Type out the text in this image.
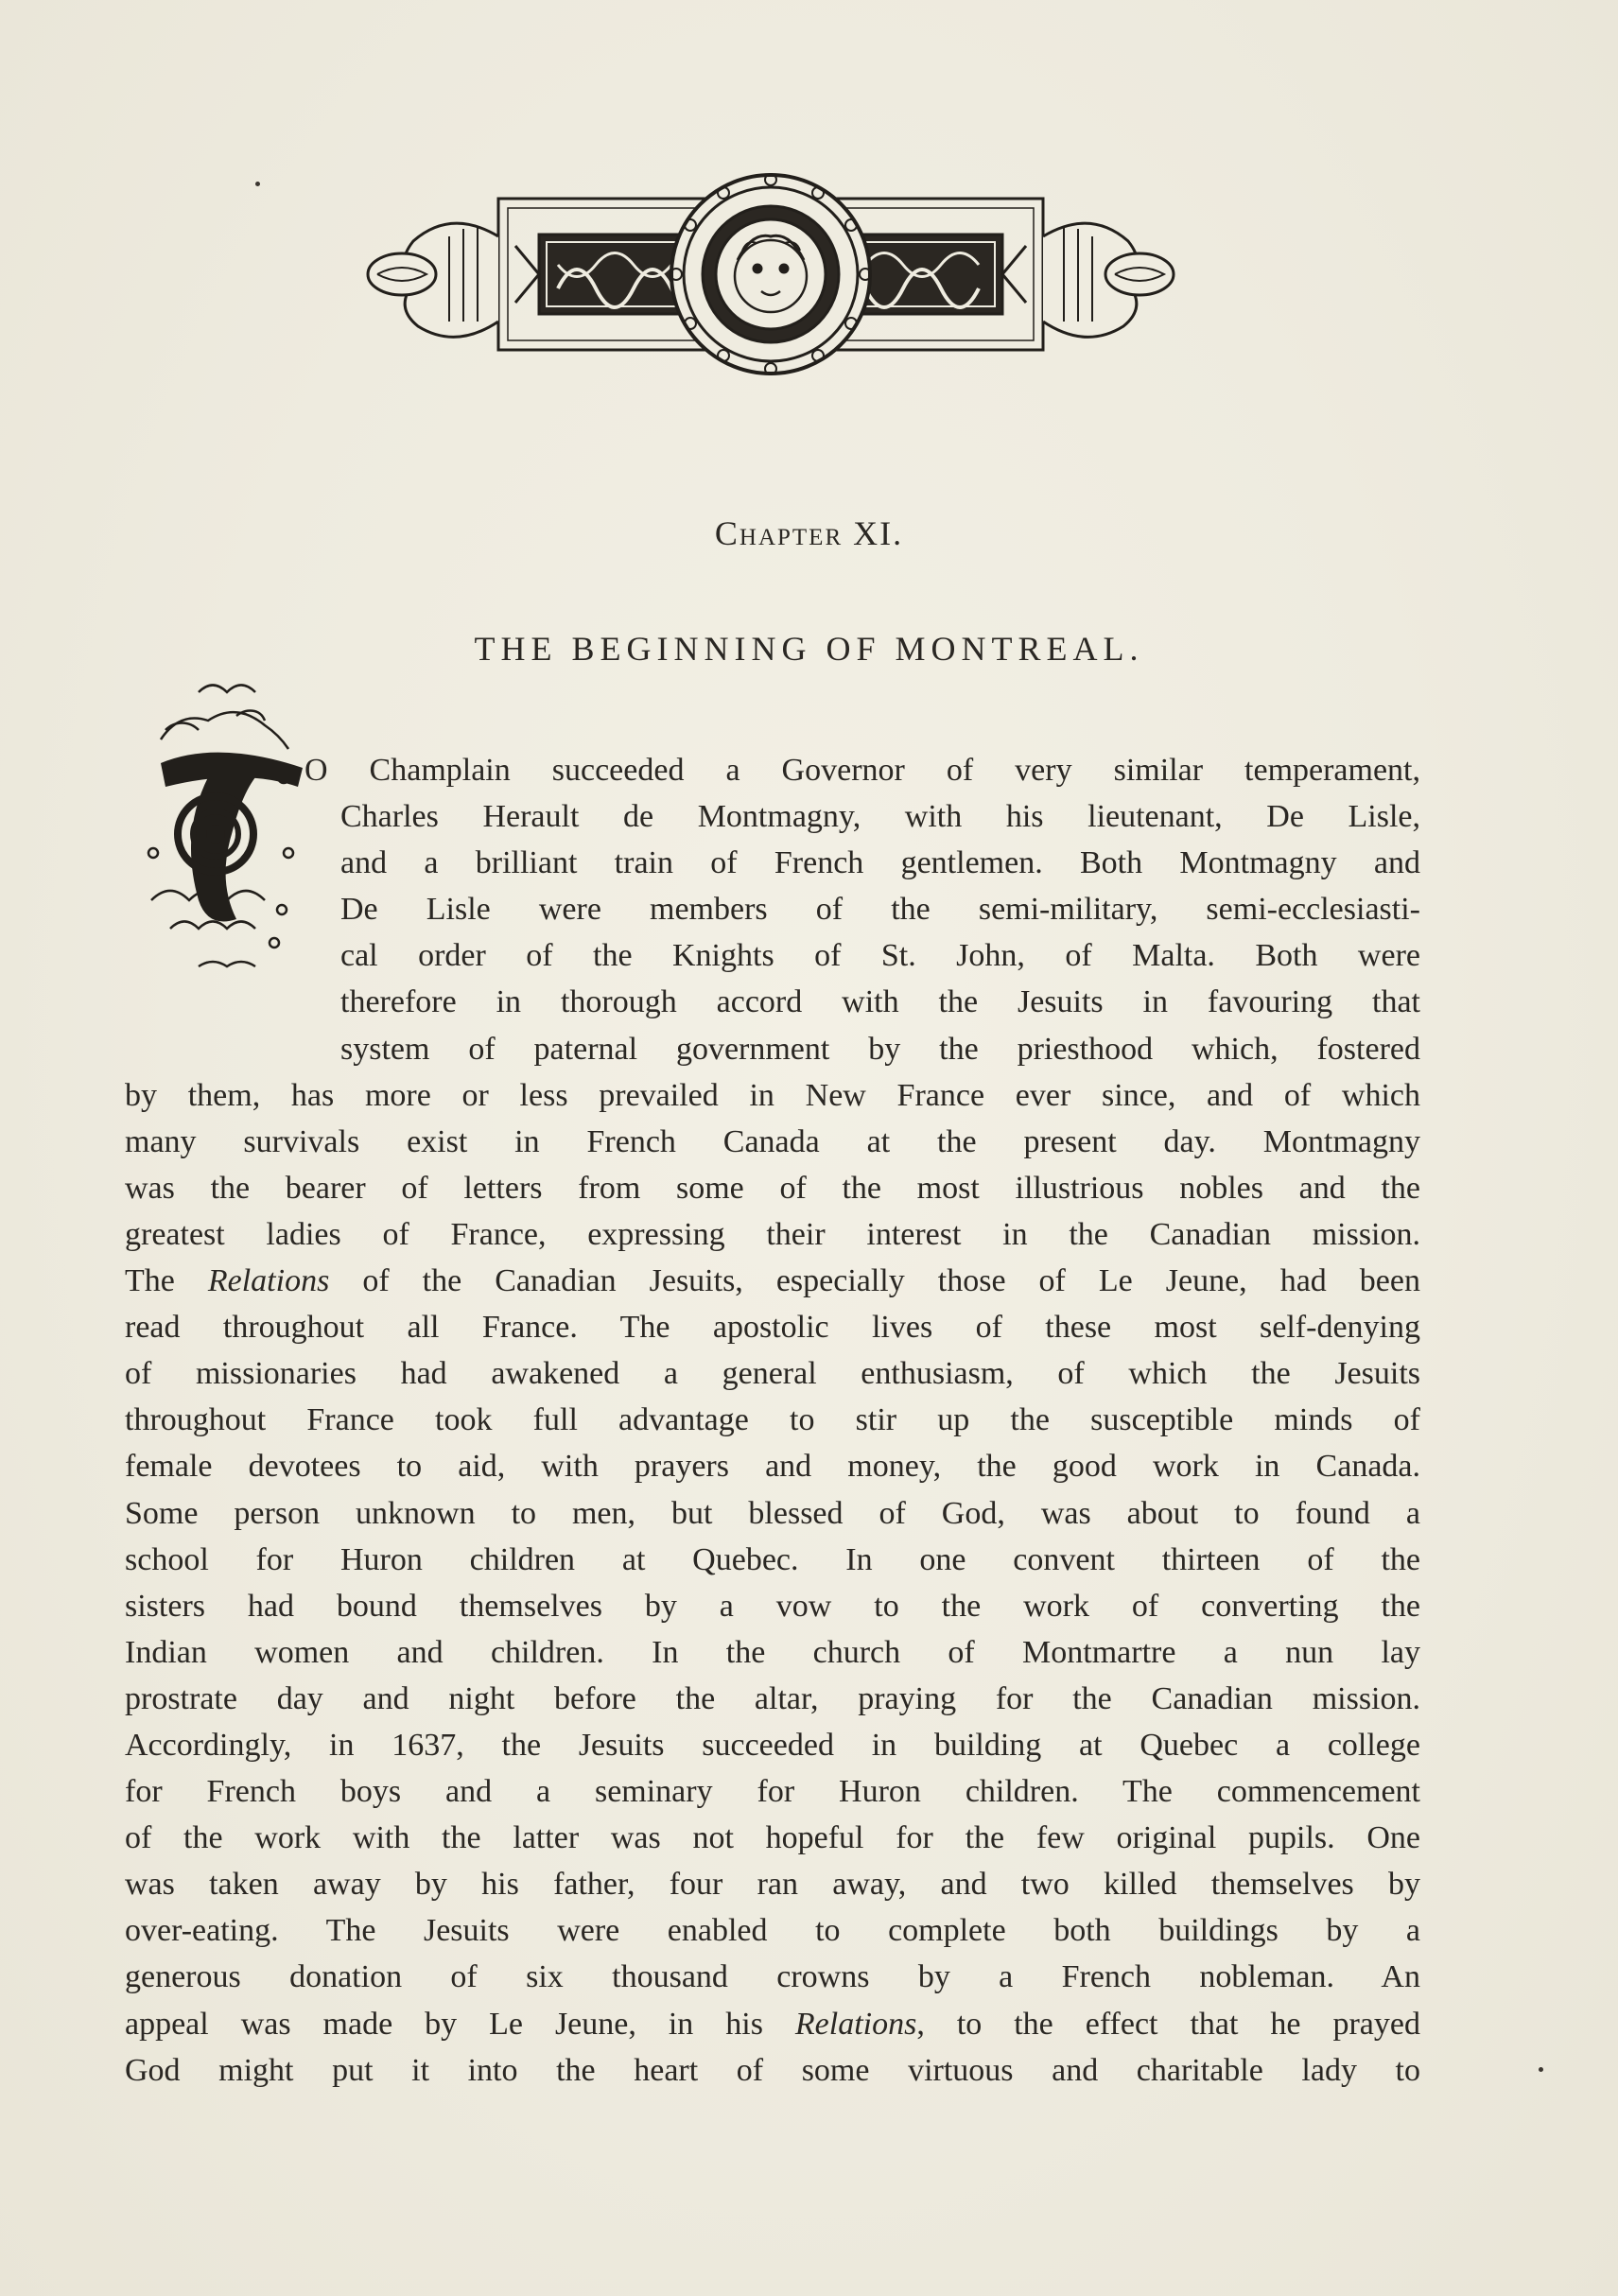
Chapter XI.
THE BEGINNING OF MONTREAL.
O Champlain succeeded a Governor of very similar temperament,
Charles Herault de Montmagny, with his lieutenant, De Lisle,
and a brilliant train of French gentlemen. Both Montmagny and
De Lisle were members of the semi-military, semi-ecclesiasti-
cal order of the Knights of St. John, of Malta. Both were
therefore in thorough accord with the Jesuits in favouring that
system of paternal government by the priesthood which, fostered
by them, has more or less prevailed in New France ever since, and of which
many survivals exist in French Canada at the present day. Montmagny
was the bearer of letters from some of the most illustrious nobles and the
greatest ladies of France, expressing their interest in the Canadian mission.
The Relations of the Canadian Jesuits, especially those of Le Jeune, had been
read throughout all France. The apostolic lives of these most self-denying
of missionaries had awakened a general enthusiasm, of which the Jesuits
throughout France took full advantage to stir up the susceptible minds of
female devotees to aid, with prayers and money, the good work in Canada.
Some person unknown to men, but blessed of God, was about to found a
school for Huron children at Quebec. In one convent thirteen of the
sisters had bound themselves by a vow to the work of converting the
Indian women and children. In the church of Montmartre a nun lay
prostrate day and night before the altar, praying for the Canadian mission.
Accordingly, in 1637, the Jesuits succeeded in building at Quebec a college
for French boys and a seminary for Huron children. The commencement
of the work with the latter was not hopeful for the few original pupils. One
was taken away by his father, four ran away, and two killed themselves by
over-eating. The Jesuits were enabled to complete both buildings by a
generous donation of six thousand crowns by a French nobleman. An
appeal was made by Le Jeune, in his Relations, to the effect that he prayed
God might put it into the heart of some virtuous and charitable lady to
